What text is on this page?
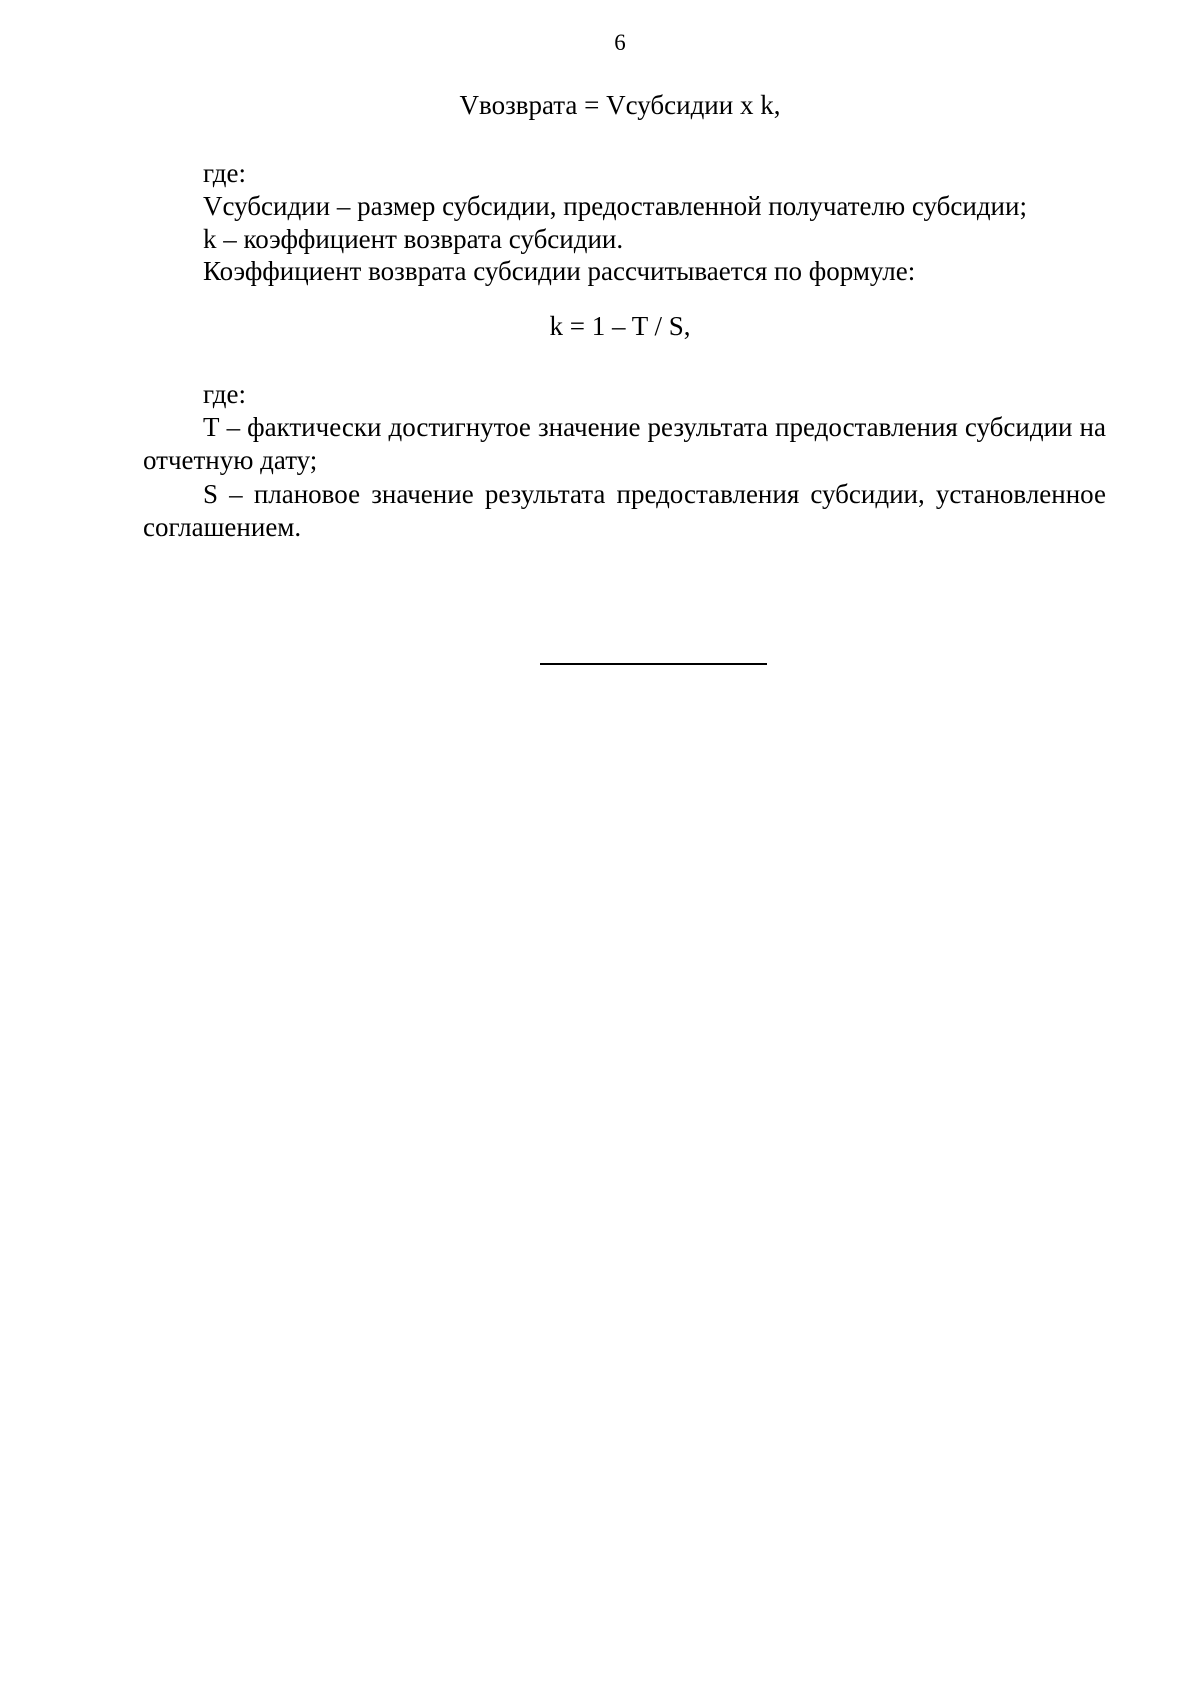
6
Vвозврата = Vсубсидии x k,

где:

Vсубсидии – размер субсидии, предоставленной получателю субсидии;

k – коэффициент возврата субсидии.

Коэффициент возврата субсидии рассчитывается по формуле:

k = 1 – T / S,

где:

Т – фактически достигнутое значение результата предоставления субсидии на отчетную дату;

S – плановое значение результата предоставления субсидии, установленное соглашением.
